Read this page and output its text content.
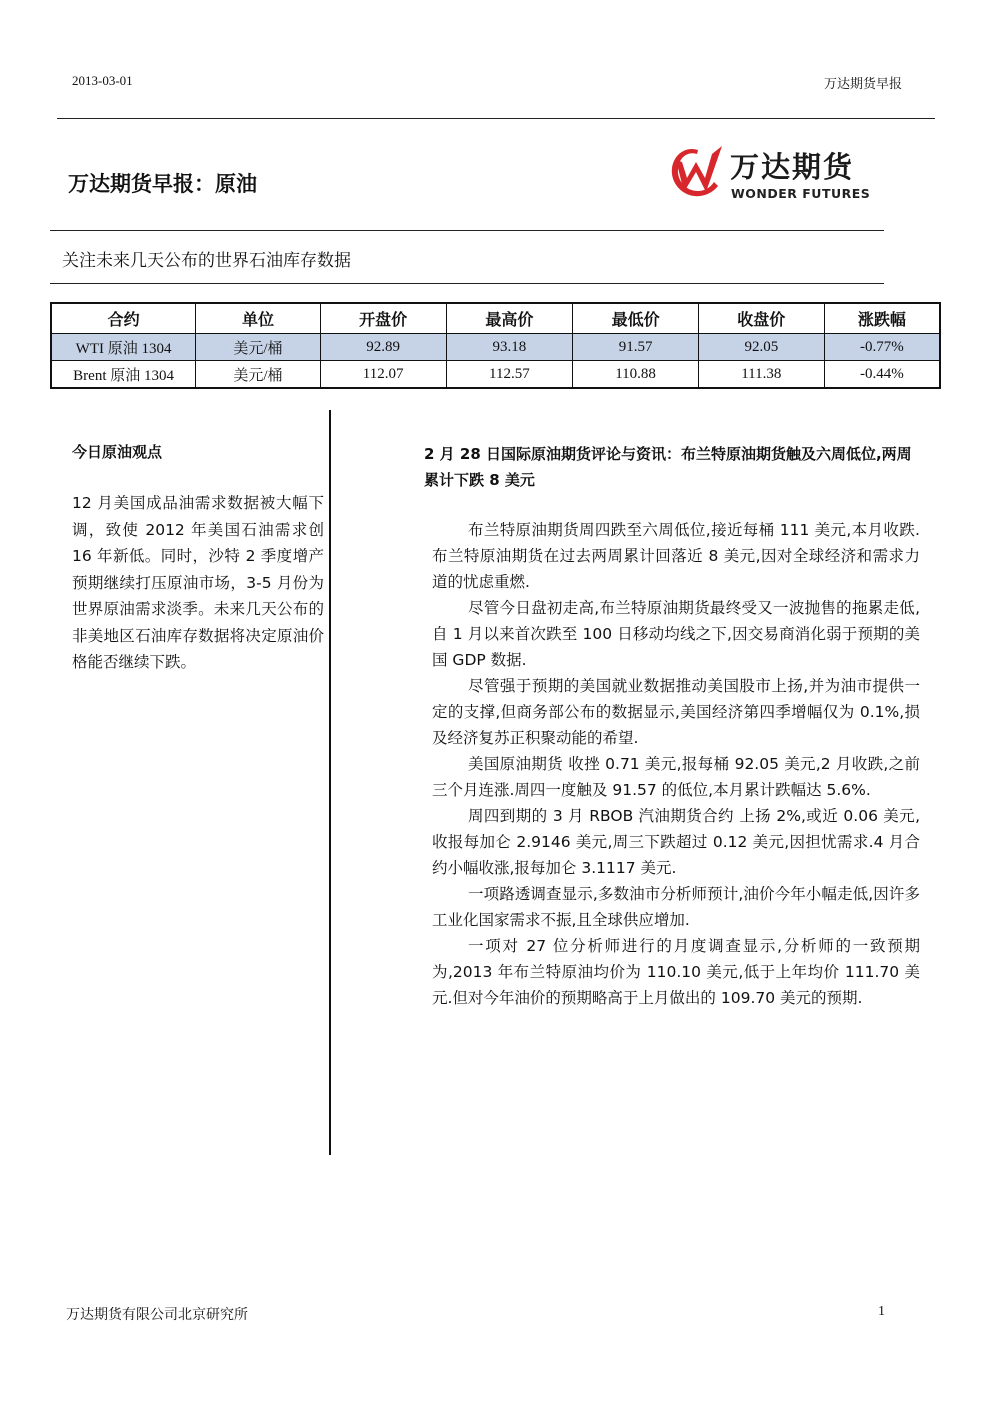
2013-03-01	万达期货早报
万达期货早报：原油	万达期货
WONDER FUTURES
关注未来几天公布的世界石油库存数据
合约	单位	开盘价	最高价	最低价	收盘价	涨跌幅
WTI 原油 1304	美元/桶	92.89	93.18	91.57	92.05	-0.77%
Brent 原油 1304	美元/桶	112.07	112.57	110.88	111.38	-0.44%
今日原油观点
12 月美国成品油需求数据被大幅下调，致使 2012 年美国石油需求创 16 年新低。同时，沙特 2 季度增产预期继续打压原油市场，3-5 月份为世界原油需求淡季。未来几天公布的非美地区石油库存数据将决定原油价格能否继续下跌。
2 月 28 日国际原油期货评论与资讯：布兰特原油期货触及六周低位,两周累计下跌 8 美元

布兰特原油期货周四跌至六周低位,接近每桶 111 美元,本月收跌.布兰特原油期货在过去两周累计回落近 8 美元,因对全球经济和需求力道的忧虑重燃.

尽管今日盘初走高,布兰特原油期货最终受又一波抛售的拖累走低,自 1 月以来首次跌至 100 日移动均线之下,因交易商消化弱于预期的美国 GDP 数据.

尽管强于预期的美国就业数据推动美国股市上扬,并为油市提供一定的支撑,但商务部公布的数据显示,美国经济第四季增幅仅为 0.1%,损及经济复苏正积聚动能的希望.

美国原油期货 收挫 0.71 美元,报每桶 92.05 美元,2 月收跌,之前三个月连涨.周四一度触及 91.57 的低位,本月累计跌幅达 5.6%.

周四到期的 3 月 RBOB 汽油期货合约 上扬 2%,或近 0.06 美元,收报每加仑 2.9146 美元,周三下跌超过 0.12 美元,因担忧需求.4 月合约小幅收涨,报每加仑 3.1117 美元.

一项路透调查显示,多数油市分析师预计,油价今年小幅走低,因许多工业化国家需求不振,且全球供应增加.

一项对 27 位分析师进行的月度调查显示,分析师的一致预期为,2013 年布兰特原油均价为 110.10 美元,低于上年均价 111.70 美元.但对今年油价的预期略高于上月做出的 109.70 美元的预期.

万达期货有限公司北京研究所	1
